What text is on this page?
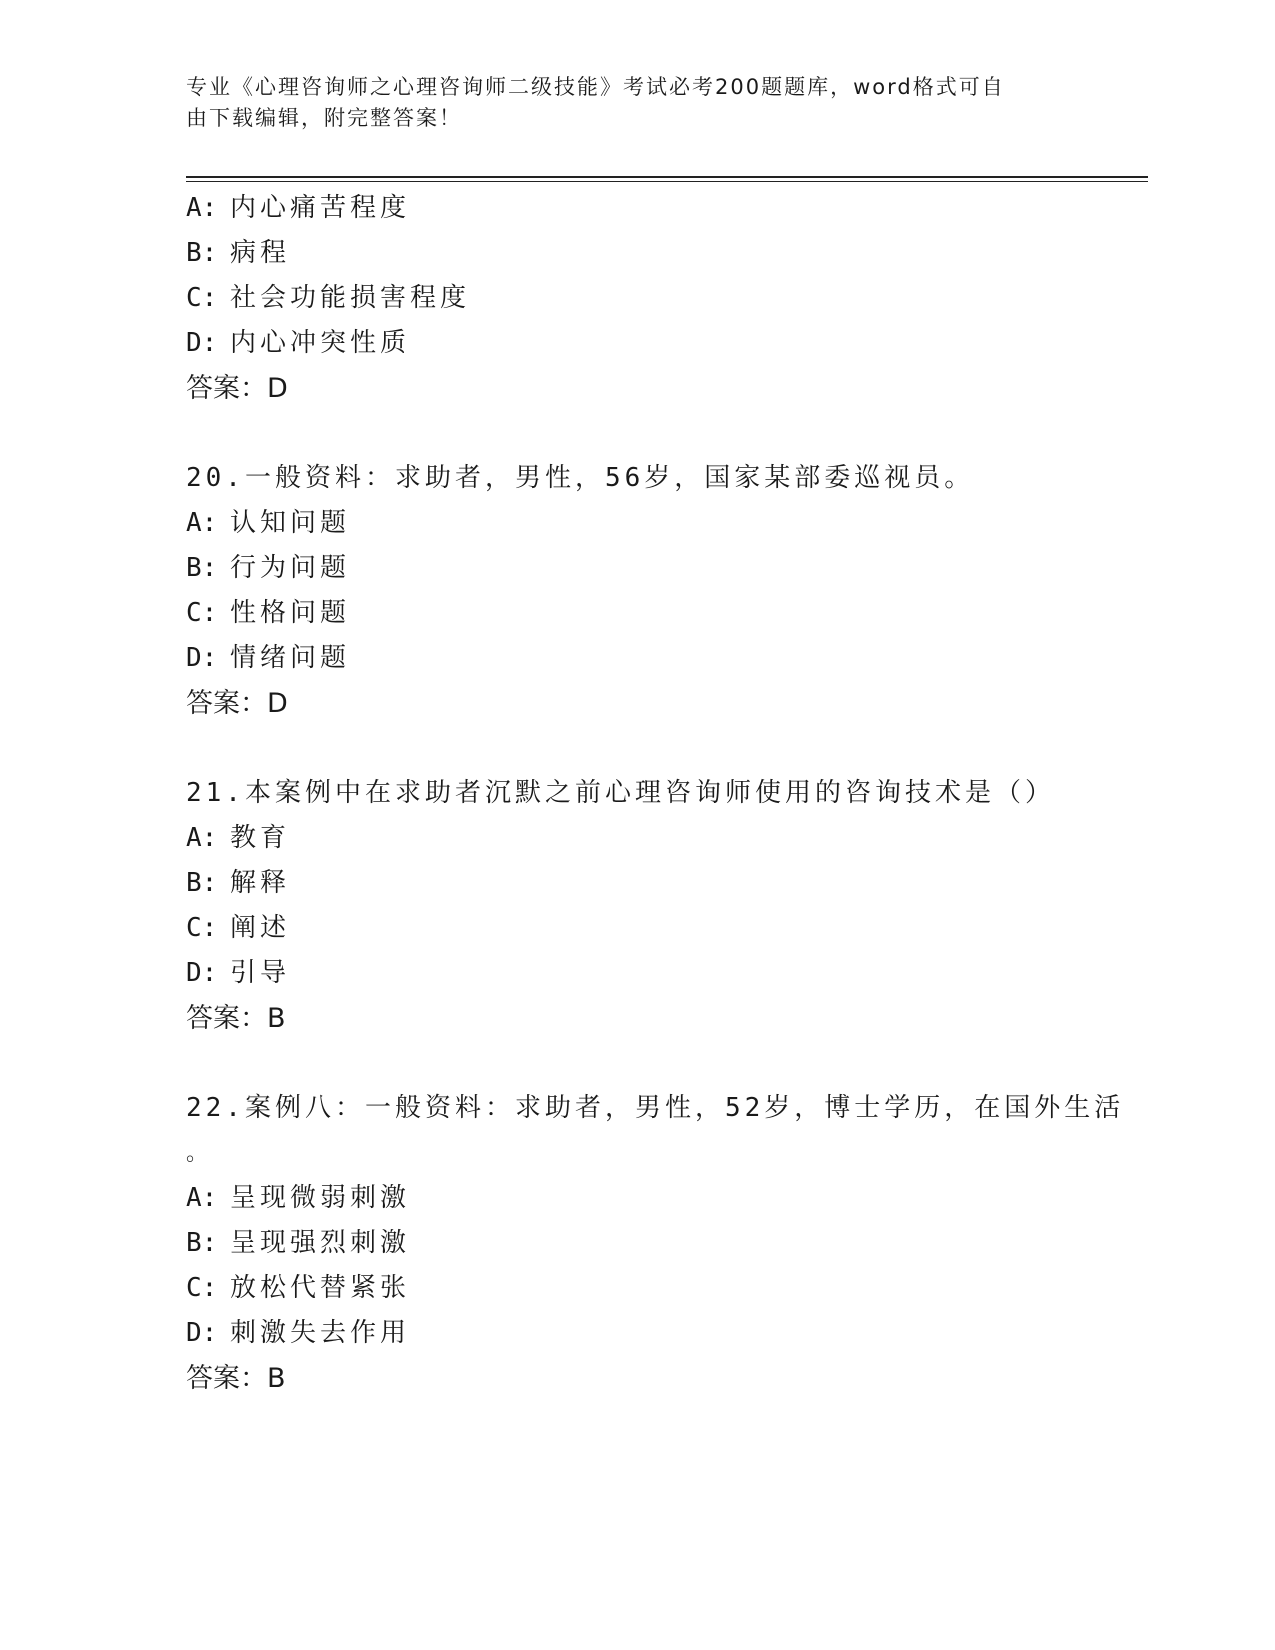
专业《心理咨询师之心理咨询师二级技能》考试必考200题题库，word格式可自
由下载编辑，附完整答案！
A: 内心痛苦程度
B: 病程
C: 社会功能损害程度
D: 内心冲突性质
答案：D
20.一般资料：求助者，男性，56岁，国家某部委巡视员。
A: 认知问题
B: 行为问题
C: 性格问题
D: 情绪问题
答案：D
21.本案例中在求助者沉默之前心理咨询师使用的咨询技术是（）
A: 教育
B: 解释
C: 阐述
D: 引导
答案：B
22.案例八：一般资料：求助者，男性，52岁，博士学历，在国外生活
。
A: 呈现微弱刺激
B: 呈现强烈刺激
C: 放松代替紧张
D: 刺激失去作用
答案：B
